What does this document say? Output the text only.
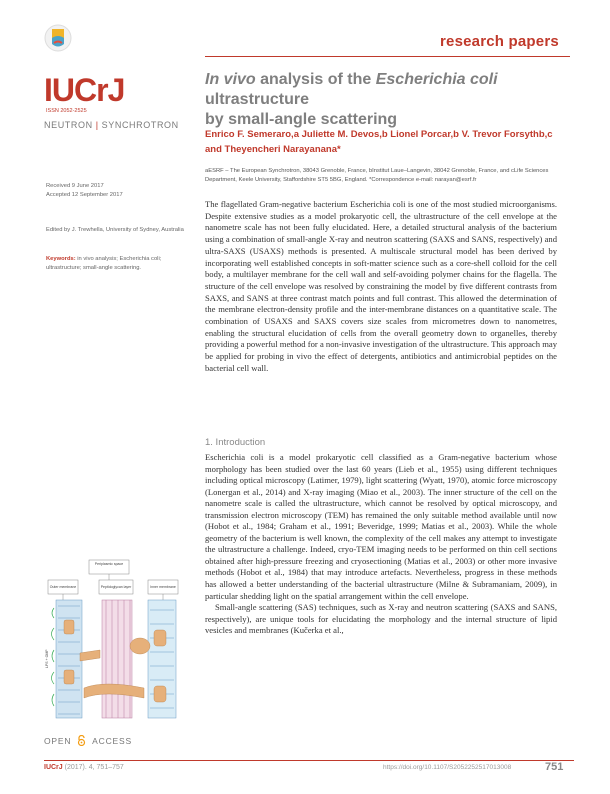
research papers
IUCrJ
ISSN 2052-2525
NEUTRON | SYNCHROTRON
In vivo analysis of the Escherichia coli ultrastructure
by small-angle scattering
Enrico F. Semeraro,a Juliette M. Devos,b Lionel Porcar,b V. Trevor Forsythb,c and Theyencheri Narayanana*
aESRF – The European Synchrotron, 38043 Grenoble, France, bInstitut Laue–Langevin, 38042 Grenoble, France, and cLife Sciences Department, Keele University, Staffordshire ST5 5BG, England. *Correspondence e-mail: narayan@esrf.fr
Received 9 June 2017
Accepted 12 September 2017
Edited by J. Trewhella, University of Sydney, Australia
Keywords: in vivo analysis; Escherichia coli; ultrastructure; small-angle scattering.
The flagellated Gram-negative bacterium Escherichia coli is one of the most studied microorganisms. Despite extensive studies as a model prokaryotic cell, the ultrastructure of the cell envelope at the nanometre scale has not been fully elucidated. Here, a detailed structural analysis of the bacterium using a combination of small-angle X-ray and neutron scattering (SAXS and SANS, respectively) and ultra-SAXS (USAXS) methods is presented. A multiscale structural model has been derived by incorporating well established concepts in soft-matter science such as a core-shell colloid for the cell body, a multilayer membrane for the cell wall and self-avoiding polymer chains for the flagella. The structure of the cell envelope was resolved by constraining the model by five different contrasts from SAXS, and SANS at three contrast match points and full contrast. This allowed the determination of the membrane electron-density profile and the inter-membrane distances on a quantitative scale. The combination of USAXS and SAXS covers size scales from micrometres down to nanometres, enabling the structural elucidation of cells from the overall geometry down to organelles, thereby providing a powerful method for a non-invasive investigation of the ultrastructure. This approach may be applied for probing in vivo the effect of detergents, antibiotics and antimicrobial peptides on the bacterial cell wall.
1. Introduction

Escherichia coli is a model prokaryotic cell classified as a Gram-negative bacterium whose morphology has been studied over the last 60 years (Lieb et al., 1955) using different techniques including optical microscopy (Latimer, 1979), light scattering (Wyatt, 1970), atomic force microscopy (Lonergan et al., 2014) and X-ray imaging (Miao et al., 2003). The inner structure of the cell on the nanometre scale is called the ultrastructure, which cannot be resolved by optical microscopy, and transmission electron microscopy (TEM) has remained the only suitable method available until now (Hobot et al., 1984; Graham et al., 1991; Beveridge, 1999; Matias et al., 2003). While the whole geometry of the bacterium is well known, the complexity of the cell makes any attempt to investigate the ultrastructure a challenge. Indeed, cryo-TEM imaging needs to be performed on thin cell sections obtained after high-pressure freezing and cryosectioning (Matias et al., 2003) or other more invasive methods (Hobot et al., 1984) that may introduce artefacts. Nevertheless, progress in these methods has allowed a better understanding of the bacterial ultrastructure (Milne & Subramaniam, 2009), in particular shedding light on the spatial arrangement within the cell envelope.

Small-angle scattering (SAS) techniques, such as X-ray and neutron scattering (SAXS and SANS, respectively), are unique tools for elucidating the morphology and the internal structure of lipid vesicles and membranes (Kučerka et al.,

Periplasmic space
Outer membrane	Peptidoglycan layer	Inner membrane
LPS + OMP
OPEN ACCESS
IUCrJ (2017). 4, 751–757	https://doi.org/10.1107/S2052252517013008	751
